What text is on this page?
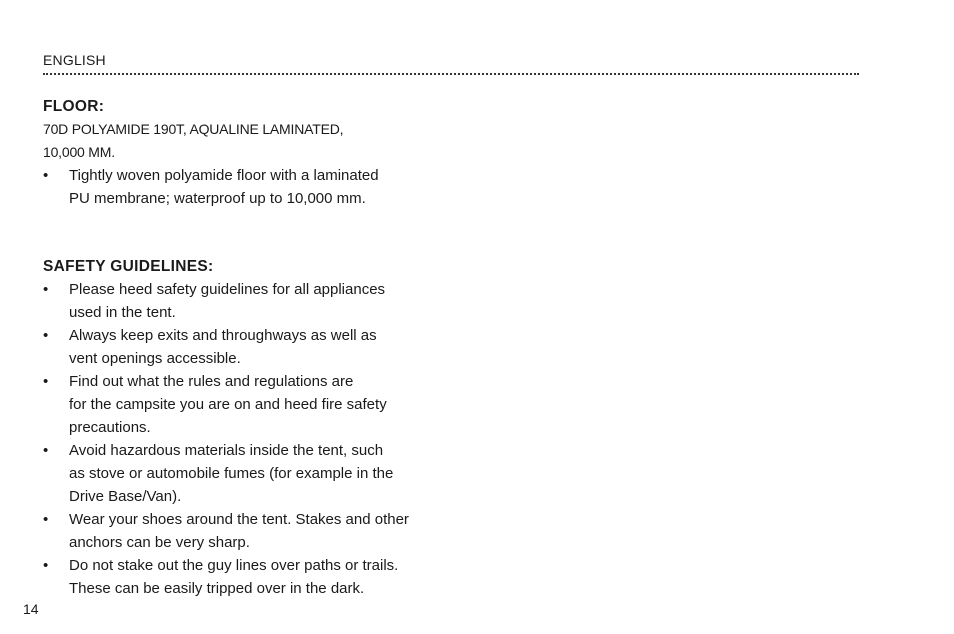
ENGLISH
FLOOR:
70D POLYAMIDE 190T, AQUALINE LAMINATED,
10,000 MM.
•	Tightly woven polyamide floor with a laminated
PU membrane; waterproof up to 10,000 mm.
SAFETY GUIDELINES:
•	Please heed safety guidelines for all appliances
used in the tent.
•	Always keep exits and throughways as well as
vent openings accessible.
•	Find out what the rules and regulations are
for the campsite you are on and heed fire safety
precautions.
•	Avoid hazardous materials inside the tent, such
as stove or automobile fumes (for example in the
Drive Base/Van).
•	Wear your shoes around the tent. Stakes and other
anchors can be very sharp.
•	Do not stake out the guy lines over paths or trails.
These can be easily tripped over in the dark.
14
